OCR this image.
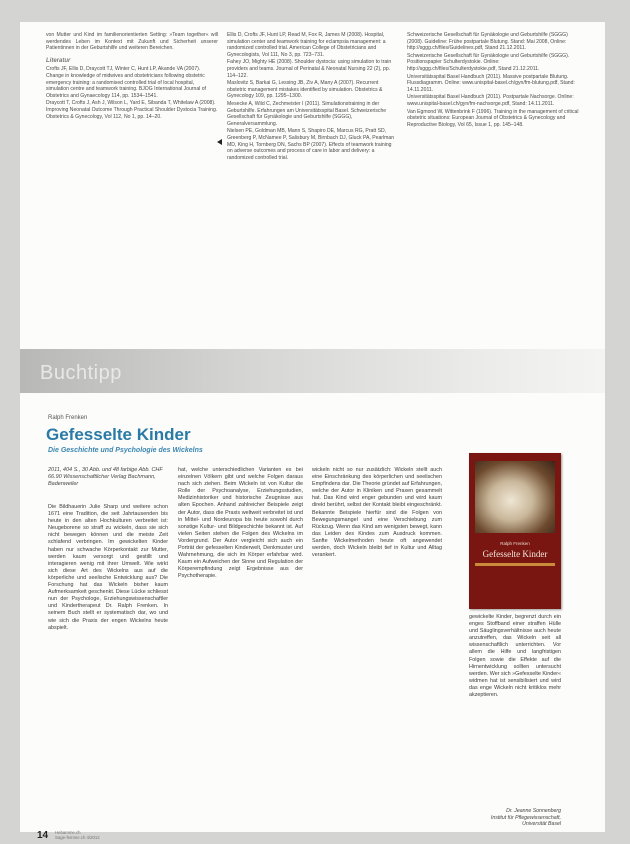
von Mutter und Kind im familienorientierten Setting: »Team together« will werdendes Leben im Kontext mit Zukunft und Sicherheit unserer Patientinnen in der Geburtshilfe und weiteren Bereichen.

Literatur
Crofts JF, Ellis D, Draycott TJ, Winter C, Hunt LP, Akande VA (2007). Change in knowledge of midwives and obstetricians following obstetric emergency training: a randomised controlled trial of local hospital, simulation centre and teamwork training. BJOG International Journal of Obstetrics and Gynaecology 114, pp. 1534–1541.
Draycott T, Crofts J, Ash J, Wilson L, Yard E, Sibanda T, Whitelaw A (2008). Improving Neonatal Outcome Through Practical Shoulder Dystocia Training. Obstetrics & Gynecology, Vol 112, No 1, pp. 14–20.
Ellis D, Crofts JF, Hunt LP, Read M, Fox R, James M (2008). Hospital, simulation center and teamwork training for eclampsia management: a randomized controlled trial. American College of Obstetricians and Gynecologists, Vol 111, No 3, pp. 723–731.
Fahey JO, Mighty HE (2008). Shoulder dystocia: using simulation to train providers and teams. Journal of Perinatal & Neonatal Nursing 22 (2), pp. 114–122.
Maslovitz S, Barkai G, Lessing JB, Ziv A, Many A (2007). Recurrent obstetric management mistakes identified by simulation. Obstetrics & Gynecology 109, pp. 1295–1300.
Mesecke A, Wild C, Zechmeister I (2011). Simulationstraining in der Geburtshilfe. Erfahrungen am Universitätsspital Basel. Schweizerische Gesellschaft für Gynäkologie und Geburtshilfe (SGGG), Generalversammlung.
Nielsen PE, Goldman MB, Mann S, Shapiro DE, Marcus RG, Pratt SD, Greenberg P, McNamee P, Salisbury M, Birnbach DJ, Gluck PA, Pearlman MD, King H, Tornberg DN, Sachs BP (2007). Effects of teamwork training on adverse outcomes and process of care in labor and delivery: a randomized controlled trial.
Schweizerische Gesellschaft für Gynäkologie und Geburtshilfe (SGGG) (2008). Guideline: Frühe postpartale Blutung. Stand: Mai 2008, Online: http://sggg.ch/files/Guidelines.pdf, Stand 21.12.2011.
Schweizerische Gesellschaft für Gynäkologie und Geburtshilfe (SGGG). Positionspapier Schulterdystokie. Online: http://sggg.ch/files/Schulterdystokie.pdf, Stand 21.12.2011.
Universitätsspital Basel Handbuch (2011). Massive postpartale Blutung. Flussdiagramm. Online: www.unispital-basel.ch/gyn/fm-blutung.pdf, Stand: 14.11.2011.
Universitätsspital Basel Handbuch (2011). Postpartale Nachsorge. Online: www.unispital-basel.ch/gyn/fm-nachsorge.pdf, Stand: 14.11.2011.
Van Egmond W, Wittenbrink F (1996). Training in the management of critical obstetric situations: European Journal of Obstetrics & Gynecology and Reproductive Biology, Vol 65, Issue 1, pp. 145–148.
Buchtipp
Ralph Frenken
Gefesselte Kinder
Die Geschichte und Psychologie des Wickelns
2011, 404 S., 30 Abb. und 48 farbige Abb. CHF 66.90 Wissenschaftlicher Verlag Bachmann, Badenweiler
Die Bildhauerin Julie Sharp und weitere schon 1671 eine Tradition, die seit Jahrtausenden bis heute in den alten Hochkulturen verbreitet ist: Neugeborene so straff zu wickeln, dass sie sich nicht bewegen können und die meiste Zeit schlafend verbringen. Im gewickelten Kinder haben nur schwache Körperkontakt zur Mutter, werden kaum versorgt und gestillt und interagieren wenig mit ihrer Umwelt. Wie wirkt sich diese Art des Wickelns aus auf die körperliche und seelische Entwicklung aus? Die Forschung hat das Wickeln bisher kaum Aufmerksamkeit geschenkt. Diese Lücke schliesst nun der Psychologe, Erziehungswissenschaftler und Kindertherapeut Dr. Ralph Frenken. In seinem Buch stellt er systematisch dar, wo und wie sich die Praxis der engen Wickelns heute abspielt.
hat, welche unterschiedlichen Varianten es bei einzelnen Völkern gibt und welche Folgen daraus nach sich ziehen. Beim Wickeln ist von Kultur die Rolle der Psychoanalyse, Erziehungsstudien, Medizinhistoriker und historische Zeugnisse aus alten Epochen. Anhand zahlreicher Beispiele zeigt der Autor, dass die Praxis weltweit verbreitet ist und in Mittel- und Nordeuropa bis heute sowohl durch sonstige Kultur- und Bildgeschichte bekannt ist. Auf vielen Seiten stehen die Folgen des Wickelns im Vordergrund. Der Autor vergleicht sich auch ein Porträt der gefesselten Kinderwelt, Denkmuster und Wahrnehmung, die sich im Körper erfahrbar wird. Kaum ein Aufweichen der Sinne und Regulation der Körperempfindung zeigt Ergebnisse aus der Psychotherapie.
wickeln nicht so nur zusätzlich: Wickeln stellt auch eine Einschränkung des körperlichen und seelischen Empfindens dar. Die Theorie gründet auf Erfahrungen, welche der Autor in Kliniken und Praxen gesammelt hat. Das Kind wird enger gebunden und wird kaum direkt berührt, selbst der Kontakt bleibt eingeschränkt. Bekannte Beispiele hierfür sind die Folgen von Bewegungsmangel und eine Verschiebung zum Rückzug. Wenn das Kind am wenigsten bewegt, kann das Leiden des Kindes zum Ausdruck kommen. Sanfte Wickelmethoden heute oft angewendet werden, doch Wickeln bleibt tief in Kultur und Alltag verankert.
gewickelte Kinder, begrenzt durch ein enges Stoffband einer straffen Hülle und Säuglingsverhältnisse auch heute anzutreffen, das Wickeln seit all wissenschaftlich unterrichten. Vor allem die Hilfe und langfristigen Folgen sowie die Effekte auf die Hirnentwicklung sollten untersucht werden. Wer sich »Gefesselte Kinder« widmen hat ist sensibilisiert und wird das enge Wickeln nicht kritiklos mehr akzeptieren.
Ralph Frenken
Gefesselte Kinder
Dr. Jeanne Sonnenberg
Institut für Pflegewissenschaft, Universität Basel
14 Hebamme.ch
Sage-femme.ch 4/2012
